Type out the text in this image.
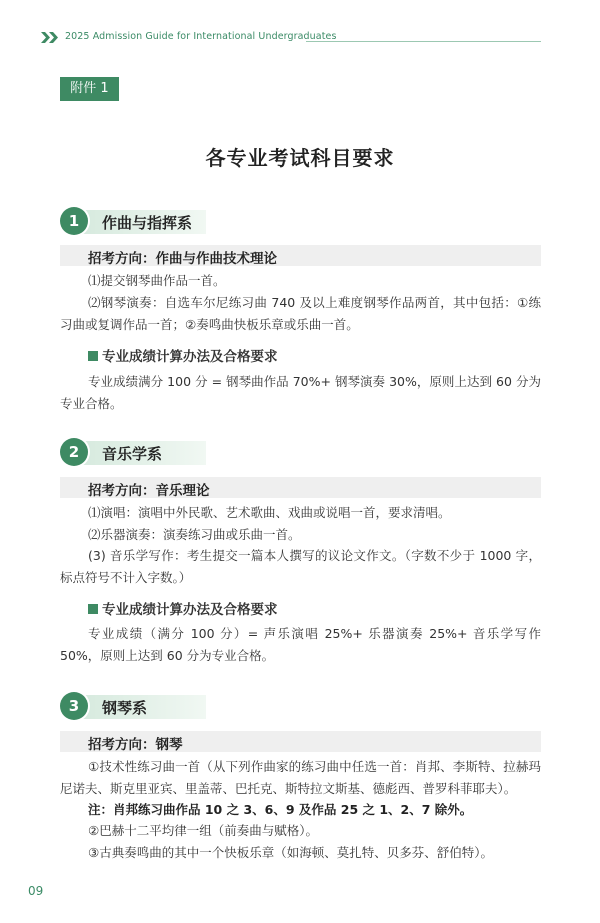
2025 Admission Guide for International Undergraduates
附件 1
各专业考试科目要求
1	作曲与指挥系
招考方向：作曲与作曲技术理论
⑴提交钢琴曲作品一首。
⑵钢琴演奏：自选车尔尼练习曲 740 及以上难度钢琴作品两首，其中包括：①练习曲或复调作品一首；②奏鸣曲快板乐章或乐曲一首。
专业成绩计算办法及合格要求
专业成绩满分 100 分 = 钢琴曲作品 70%+ 钢琴演奏 30%，原则上达到 60 分为专业合格。
2	音乐学系
招考方向：音乐理论
⑴演唱：演唱中外民歌、艺术歌曲、戏曲或说唱一首，要求清唱。
⑵乐器演奏：演奏练习曲或乐曲一首。
(3) 音乐学写作：考生提交一篇本人撰写的议论文作文。（字数不少于 1000 字，标点符号不计入字数。）
专业成绩计算办法及合格要求
专业成绩（满分 100 分）= 声乐演唱 25%+ 乐器演奏 25%+ 音乐学写作 50%，原则上达到 60 分为专业合格。
3	钢琴系
招考方向：钢琴
①技术性练习曲一首（从下列作曲家的练习曲中任选一首：肖邦、李斯特、拉赫玛尼诺夫、斯克里亚宾、里盖蒂、巴托克、斯特拉文斯基、德彪西、普罗科菲耶夫）。
注：肖邦练习曲作品 10 之 3、6、9 及作品 25 之 1、2、7 除外。
②巴赫十二平均律一组（前奏曲与赋格）。
③古典奏鸣曲的其中一个快板乐章（如海顿、莫扎特、贝多芬、舒伯特）。
09
